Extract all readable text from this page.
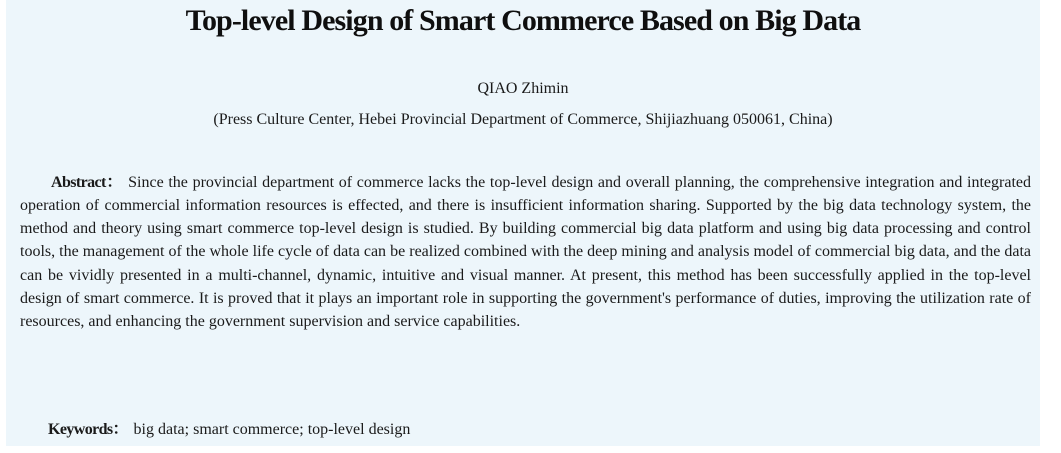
Top-level Design of Smart Commerce Based on Big Data

QIAO Zhimin

(Press Culture Center, Hebei Provincial Department of Commerce, Shijiazhuang 050061, China)

Abstract： Since the provincial department of commerce lacks the top-level design and overall planning, the comprehensive integration and integrated operation of commercial information resources is effected, and there is insufficient information sharing. Supported by the big data technology system, the method and theory using smart commerce top-level design is studied. By building commercial big data platform and using big data processing and control tools, the management of the whole life cycle of data can be realized combined with the deep mining and analysis model of commercial big data, and the data can be vividly presented in a multi-channel, dynamic, intuitive and visual manner. At present, this method has been successfully applied in the top-level design of smart commerce. It is proved that it plays an important role in supporting the government's performance of duties, improving the utilization rate of resources, and enhancing the government supervision and service capabilities.

Keywords： big data; smart commerce; top-level design
